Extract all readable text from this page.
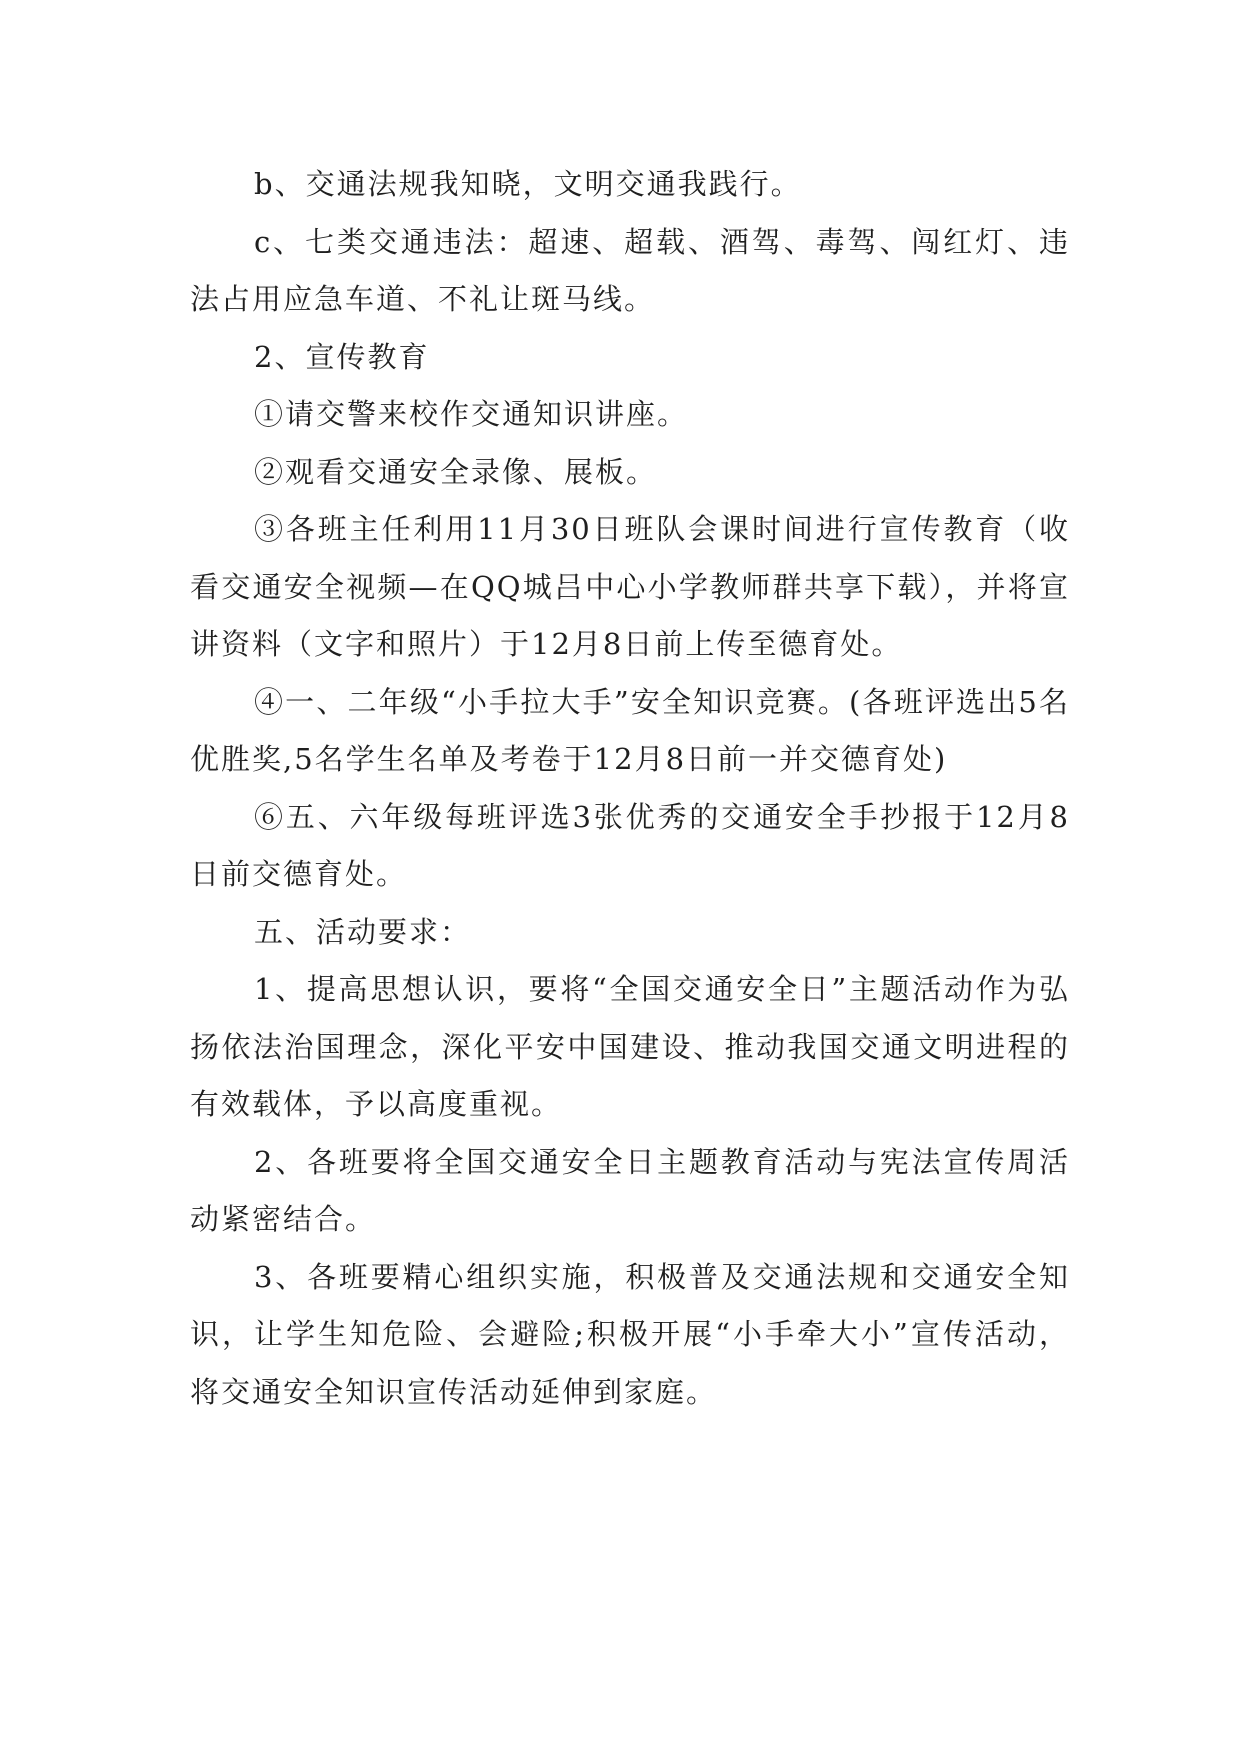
b、交通法规我知晓，文明交通我践行。

c、七类交通违法：超速、超载、酒驾、毒驾、闯红灯、违法占用应急车道、不礼让斑马线。

2、宣传教育

①请交警来校作交通知识讲座。

②观看交通安全录像、展板。

③各班主任利用11月30日班队会课时间进行宣传教育（收看交通安全视频—在QQ城吕中心小学教师群共享下载），并将宣讲资料（文字和照片）于12月8日前上传至德育处。

④一、二年级“小手拉大手”安全知识竞赛。(各班评选出5名优胜奖,5名学生名单及考卷于12月8日前一并交德育处)

⑥五、六年级每班评选3张优秀的交通安全手抄报于12月8日前交德育处。

五、活动要求：

1、提高思想认识，要将“全国交通安全日”主题活动作为弘扬依法治国理念，深化平安中国建设、推动我国交通文明进程的有效载体，予以高度重视。

2、各班要将全国交通安全日主题教育活动与宪法宣传周活动紧密结合。

3、各班要精心组织实施，积极普及交通法规和交通安全知识，让学生知危险、会避险;积极开展“小手牵大小”宣传活动，将交通安全知识宣传活动延伸到家庭。
